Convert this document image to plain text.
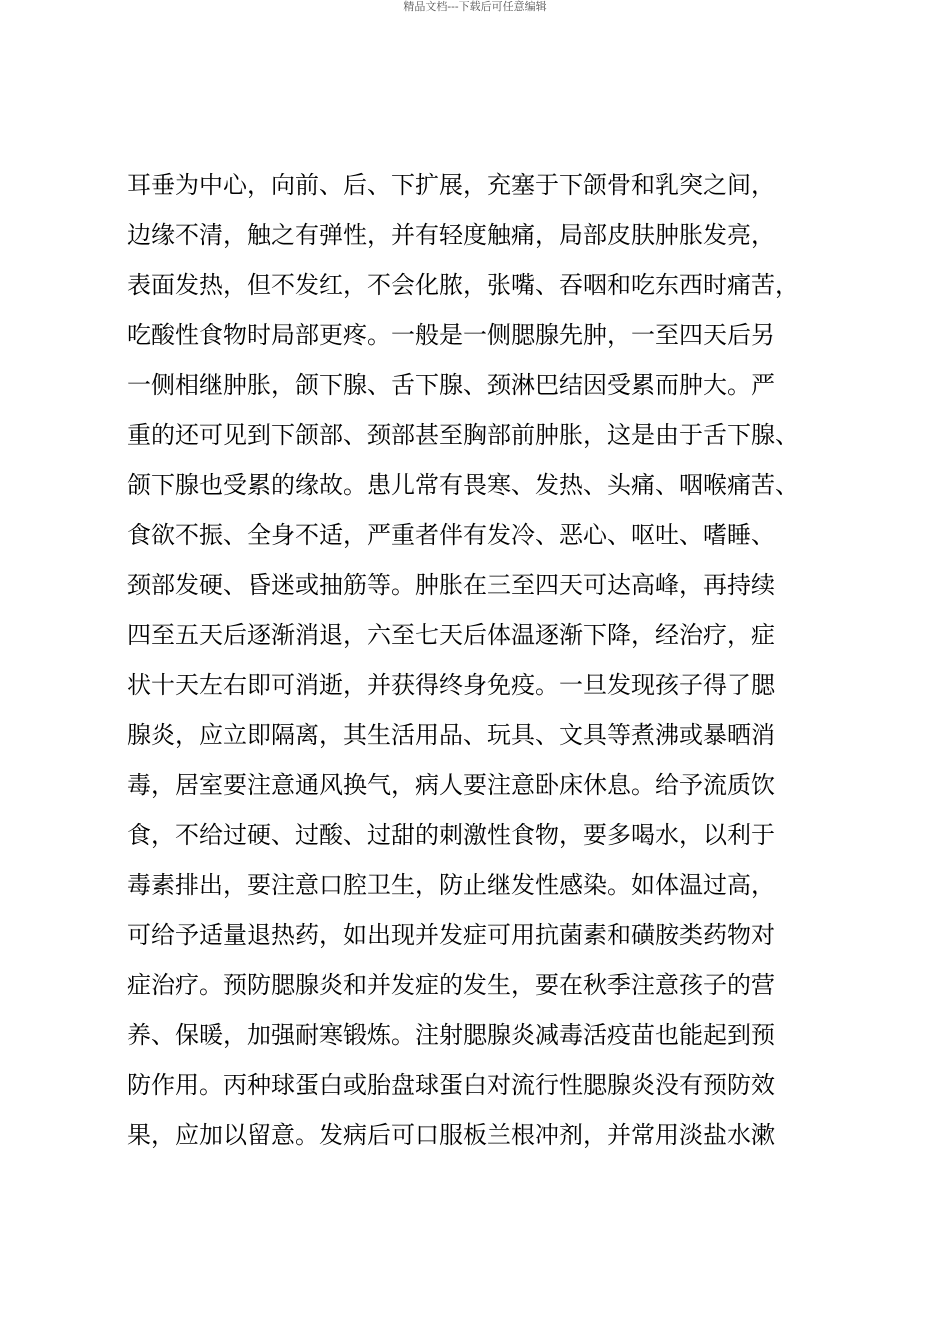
精品文档---下载后可任意编辑
耳垂为中心，向前、后、下扩展，充塞于下颌骨和乳突之间，
边缘不清，触之有弹性，并有轻度触痛，局部皮肤肿胀发亮，
表面发热，但不发红，不会化脓，张嘴、吞咽和吃东西时痛苦，
吃酸性食物时局部更疼。一般是一侧腮腺先肿，一至四天后另
一侧相继肿胀，颌下腺、舌下腺、颈淋巴结因受累而肿大。严
重的还可见到下颌部、颈部甚至胸部前肿胀，这是由于舌下腺、
颌下腺也受累的缘故。患儿常有畏寒、发热、头痛、咽喉痛苦、
食欲不振、全身不适，严重者伴有发冷、恶心、呕吐、嗜睡、
颈部发硬、昏迷或抽筋等。肿胀在三至四天可达高峰，再持续
四至五天后逐渐消退，六至七天后体温逐渐下降，经治疗，症
状十天左右即可消逝，并获得终身免疫。一旦发现孩子得了腮
腺炎，应立即隔离，其生活用品、玩具、文具等煮沸或暴晒消
毒，居室要注意通风换气，病人要注意卧床休息。给予流质饮
食，不给过硬、过酸、过甜的刺激性食物，要多喝水，以利于
毒素排出，要注意口腔卫生，防止继发性感染。如体温过高，
可给予适量退热药，如出现并发症可用抗菌素和磺胺类药物对
症治疗。预防腮腺炎和并发症的发生，要在秋季注意孩子的营
养、保暖，加强耐寒锻炼。注射腮腺炎减毒活疫苗也能起到预
防作用。丙种球蛋白或胎盘球蛋白对流行性腮腺炎没有预防效
果，应加以留意。发病后可口服板兰根冲剂，并常用淡盐水漱
